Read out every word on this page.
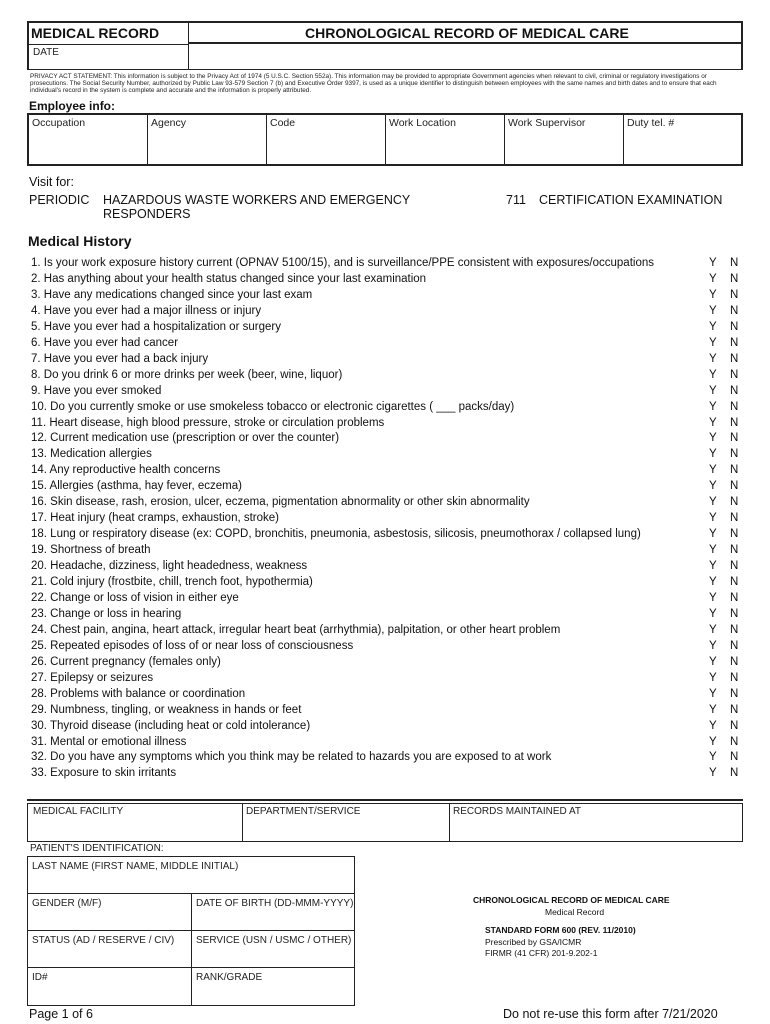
MEDICAL RECORD	CHRONOLOGICAL RECORD OF MEDICAL CARE
DATE
PRIVACY ACT STATEMENT: This information is subject to the Privacy Act of 1974 (5 U.S.C. Section 552a). This information may be provided to appropriate Government agencies when relevant to civil, criminal or regulatory investigations or prosecutions. The Social Security Number, authorized by Public Law 93-579 Section 7 (b) and Executive Order 9397, is used as a unique identifier to distinguish between employees with the same names and birth dates and to ensure that each individual's record in the system is complete and accurate and the information is properly attributed.
Employee info:
Occupation	Agency	Code	Work Location	Work Supervisor	Duty tel. #
Visit for:
PERIODIC HAZARDOUS WASTE WORKERS AND EMERGENCY
RESPONDERS
711 CERTIFICATION EXAMINATION
Medical History
1. Is your work exposure history current (OPNAV 5100/15), and is surveillance/PPE consistent with exposures/occupations	Y N
2. Has anything about your health status changed since your last examination	Y N
3. Have any medications changed since your last exam	Y N
4. Have you ever had a major illness or injury	Y N
5. Have you ever had a hospitalization or surgery	Y N
6. Have you ever had cancer	Y N
7. Have you ever had a back injury	Y N
8. Do you drink 6 or more drinks per week (beer, wine, liquor)	Y N
9. Have you ever smoked	Y N
10. Do you currently smoke or use smokeless tobacco or electronic cigarettes ( ___ packs/day)	Y N
11. Heart disease, high blood pressure, stroke or circulation problems	Y N
12. Current medication use (prescription or over the counter)	Y N
13. Medication allergies	Y N
14. Any reproductive health concerns	Y N
15. Allergies (asthma, hay fever, eczema)	Y N
16. Skin disease, rash, erosion, ulcer, eczema, pigmentation abnormality or other skin abnormality	Y N
17. Heat injury (heat cramps, exhaustion, stroke)	Y N
18. Lung or respiratory disease (ex: COPD, bronchitis, pneumonia, asbestosis, silicosis, pneumothorax / collapsed lung)	Y N
19. Shortness of breath	Y N
20. Headache, dizziness, light headedness, weakness	Y N
21. Cold injury (frostbite, chill, trench foot, hypothermia)	Y N
22. Change or loss of vision in either eye	Y N
23. Change or loss in hearing	Y N
24. Chest pain, angina, heart attack, irregular heart beat (arrhythmia), palpitation, or other heart problem	Y N
25. Repeated episodes of loss of or near loss of consciousness	Y N
26. Current pregnancy (females only)	Y N
27. Epilepsy or seizures	Y N
28. Problems with balance or coordination	Y N
29. Numbness, tingling, or weakness in hands or feet	Y N
30. Thyroid disease (including heat or cold intolerance)	Y N
31. Mental or emotional illness	Y N
32. Do you have any symptoms which you think may be related to hazards you are exposed to at work	Y N
33. Exposure to skin irritants	Y N
MEDICAL FACILITY	DEPARTMENT/SERVICE	RECORDS MAINTAINED AT
PATIENT'S IDENTIFICATION:
LAST NAME (FIRST NAME, MIDDLE INITIAL)
GENDER (M/F)	DATE OF BIRTH (DD-MMM-YYYY)
STATUS (AD / RESERVE / CIV) SERVICE (USN / USMC / OTHER)
ID#	RANK/GRADE
CHRONOLOGICAL RECORD OF MEDICAL CARE
Medical Record
STANDARD FORM 600 (REV. 11/2010)
Prescribed by GSA/ICMR
FIRMR (41 CFR) 201-9.202-1
Page 1 of 6	Do not re-use this form after 7/21/2020
